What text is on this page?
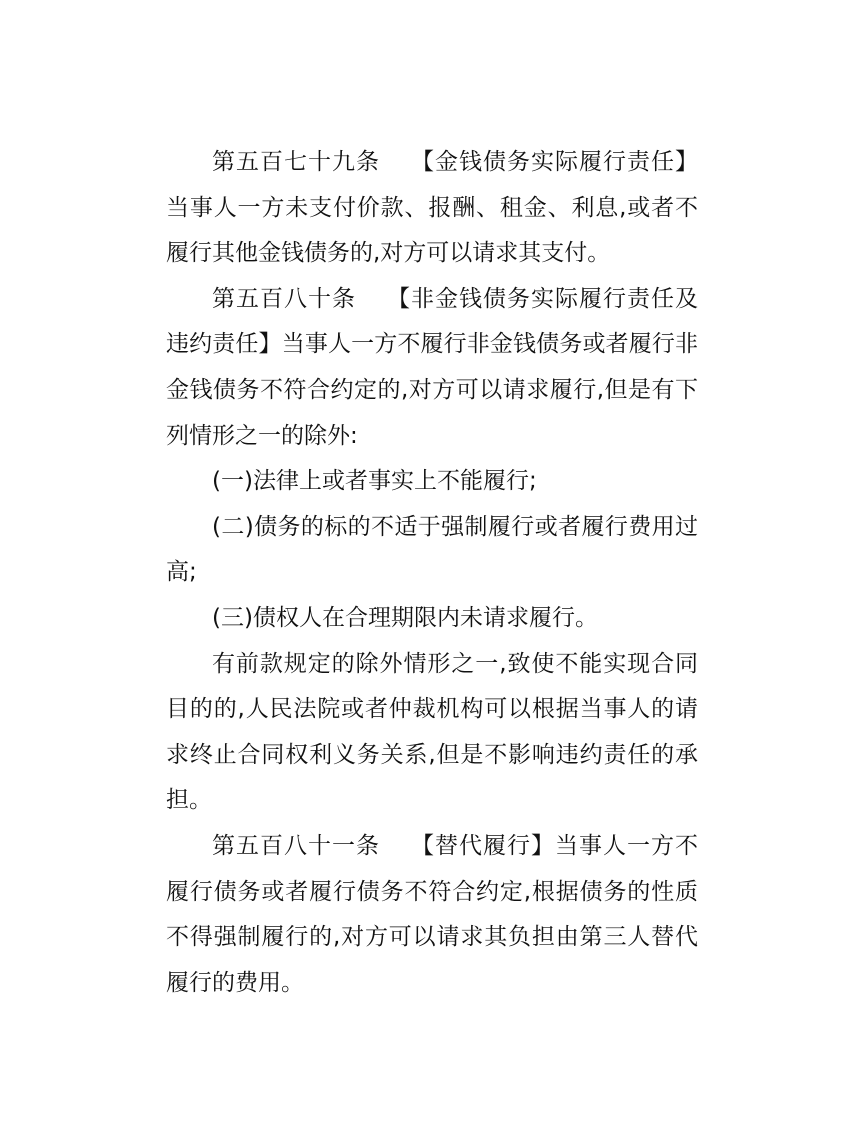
第五百七十九条 【金钱债务实际履行责任】当事人一方未支付价款、报酬、租金、利息,或者不履行其他金钱债务的,对方可以请求其支付。

第五百八十条 【非金钱债务实际履行责任及违约责任】当事人一方不履行非金钱债务或者履行非金钱债务不符合约定的,对方可以请求履行,但是有下列情形之一的除外:

(一)法律上或者事实上不能履行;

(二)债务的标的不适于强制履行或者履行费用过高;

(三)债权人在合理期限内未请求履行。

有前款规定的除外情形之一,致使不能实现合同目的的,人民法院或者仲裁机构可以根据当事人的请求终止合同权利义务关系,但是不影响违约责任的承担。

第五百八十一条 【替代履行】当事人一方不履行债务或者履行债务不符合约定,根据债务的性质不得强制履行的,对方可以请求其负担由第三人替代履行的费用。
